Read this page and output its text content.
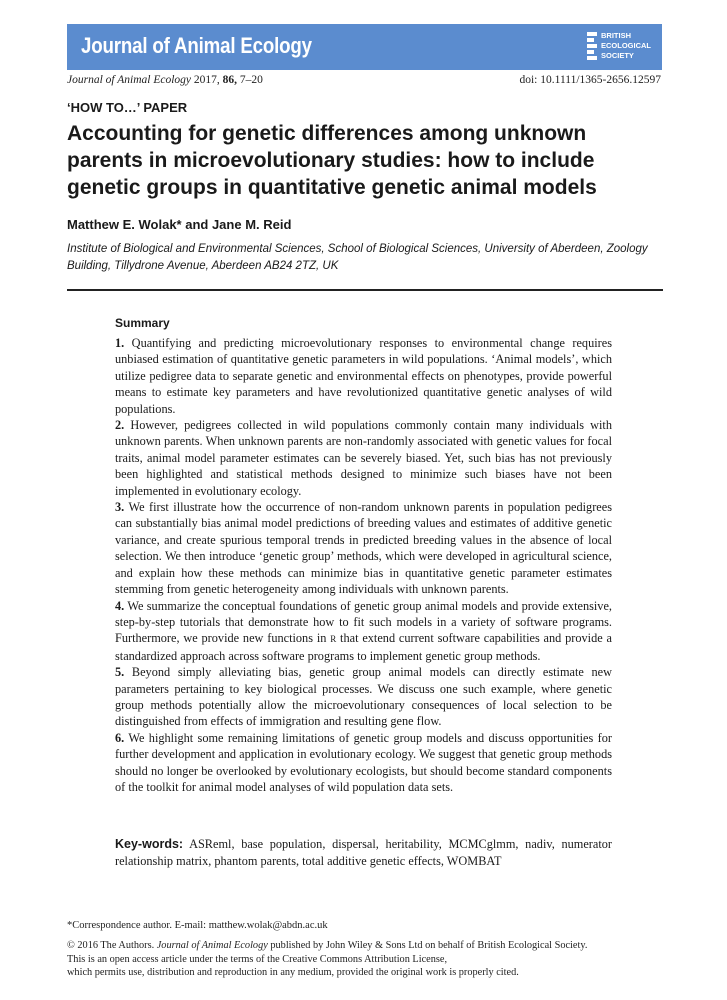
Journal of Animal Ecology	BRITISH
ECOLOGICAL
SOCIETY
Journal of Animal Ecology 2017, 86, 7–20	doi: 10.1111/1365-2656.12597
‘HOW TO…’ PAPER
Accounting for genetic differences among unknown
parents in microevolutionary studies: how to include
genetic groups in quantitative genetic animal models
Matthew E. Wolak* and Jane M. Reid
Institute of Biological and Environmental Sciences, School of Biological Sciences, University of Aberdeen, Zoology Building, Tillydrone Avenue, Aberdeen AB24 2TZ, UK
Summary

1. Quantifying and predicting microevolutionary responses to environmental change requires unbiased estimation of quantitative genetic parameters in wild populations. ‘Animal models’, which utilize pedigree data to separate genetic and environmental effects on phenotypes, provide powerful means to estimate key parameters and have revolutionized quantitative genetic analyses of wild populations.

2. However, pedigrees collected in wild populations commonly contain many individuals with unknown parents. When unknown parents are non-randomly associated with genetic values for focal traits, animal model parameter estimates can be severely biased. Yet, such bias has not previously been highlighted and statistical methods designed to minimize such biases have not been implemented in evolutionary ecology.

3. We first illustrate how the occurrence of non-random unknown parents in population pedigrees can substantially bias animal model predictions of breeding values and estimates of additive genetic variance, and create spurious temporal trends in predicted breeding values in the absence of local selection. We then introduce ‘genetic group’ methods, which were developed in agricultural science, and explain how these methods can minimize bias in quantitative genetic parameter estimates stemming from genetic heterogeneity among individuals with unknown parents.

4. We summarize the conceptual foundations of genetic group animal models and provide extensive, step-by-step tutorials that demonstrate how to fit such models in a variety of software programs. Furthermore, we provide new functions in R that extend current software capabilities and provide a standardized approach across software programs to implement genetic group methods.

5. Beyond simply alleviating bias, genetic group animal models can directly estimate new parameters pertaining to key biological processes. We discuss one such example, where genetic group methods potentially allow the microevolutionary consequences of local selection to be distinguished from effects of immigration and resulting gene flow.

6. We highlight some remaining limitations of genetic group models and discuss opportunities for further development and application in evolutionary ecology. We suggest that genetic group methods should no longer be overlooked by evolutionary ecologists, but should become standard components of the toolkit for animal model analyses of wild population data sets.

Key-words: ASReml, base population, dispersal, heritability, MCMCglmm, nadiv, numerator relationship matrix, phantom parents, total additive genetic effects, WOMBAT
*Correspondence author. E-mail: matthew.wolak@abdn.ac.uk

© 2016 The Authors. Journal of Animal Ecology published by John Wiley & Sons Ltd on behalf of British Ecological Society.

This is an open access article under the terms of the Creative Commons Attribution License,

which permits use, distribution and reproduction in any medium, provided the original work is properly cited.
